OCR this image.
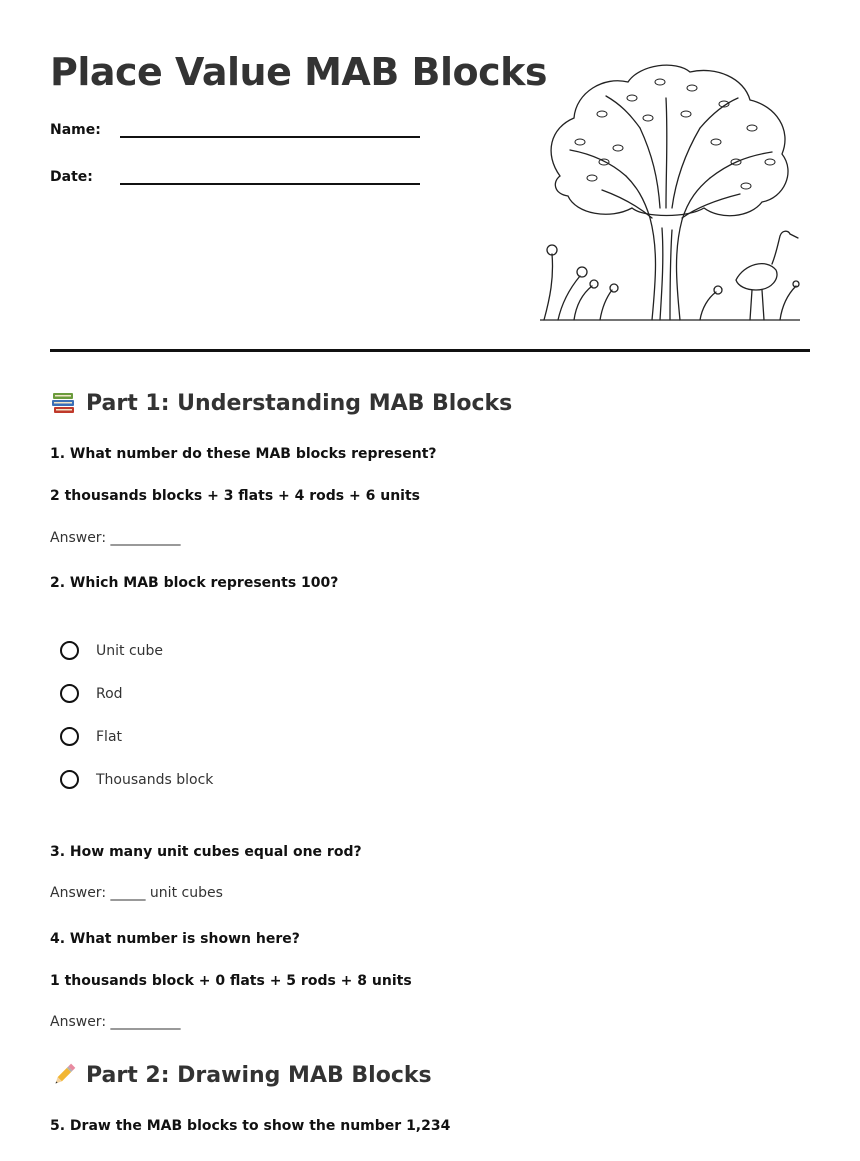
Place Value MAB Blocks
Name:
Date:
Part 1: Understanding MAB Blocks
1. What number do these MAB blocks represent?
2 thousands blocks + 3 flats + 4 rods + 6 units
Answer: __________
2. Which MAB block represents 100?
Unit cube
Rod
Flat
Thousands block
3. How many unit cubes equal one rod?
Answer: _____ unit cubes
4. What number is shown here?
1 thousands block + 0 flats + 5 rods + 8 units
Answer: __________
Part 2: Drawing MAB Blocks
5. Draw the MAB blocks to show the number 1,234
